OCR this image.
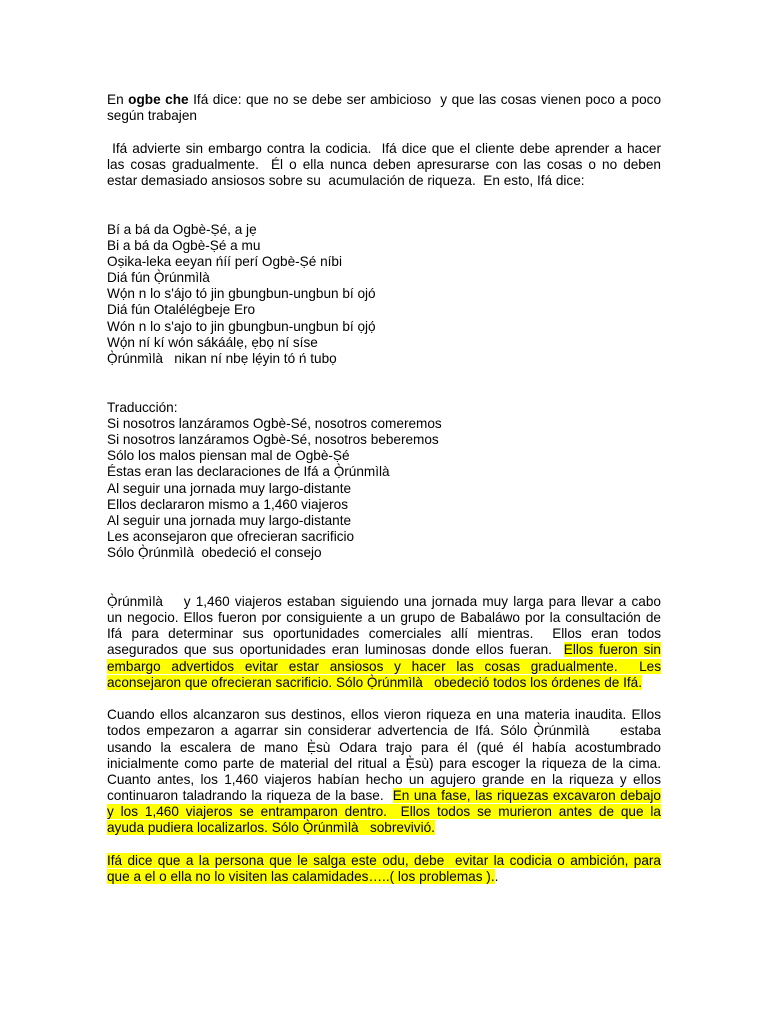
En ogbe che Ifá dice: que no se debe ser ambicioso  y que las cosas vienen poco a poco
según trabajen
Ifá advierte sin embargo contra la codicia.  Ifá dice que el cliente debe aprender a hacer
las cosas gradualmente.  Él o ella nunca deben apresurarse con las cosas o no deben
estar demasiado ansiosos sobre su  acumulación de riqueza.  En esto, Ifá dice:
Bí a bá da Ogbè-Ṣé, a jẹ
Bi a bá da Ogbè-Ṣé a mu
Oṣika-leka eeyan ńíí perí Ogbè-Ṣé níbi
Diá fún Ọ̀rúnmìlà
Wọ́n n lo s'ájo tó jin gbungbun-ungbun bí ojó
Diá fún Otalélégbeje Ero
Wón n lo s'ajo to jin gbungbun-ungbun bí ọjọ́
Wọ́n ní kí wón sákáálẹ, ẹbọ ní síse
Ọ̀rúnmìlà   nikan ní nbẹ lẹ́yin tó ń tubọ
Traducción:
Si nosotros lanzáramos Ogbè-Sé, nosotros comeremos
Si nosotros lanzáramos Ogbè-Sé, nosotros beberemos
Sólo los malos piensan mal de Ogbè-Ṣé
Éstas eran las declaraciones de Ifá a Ọ̀rúnmìlà
Al seguir una jornada muy largo-distante
Ellos declararon mismo a 1,460 viajeros
Al seguir una jornada muy largo-distante
Les aconsejaron que ofrecieran sacrificio
Sólo Ọ̀rúnmìlà  obedeció el consejo
Ọ̀rúnmìlà    y 1,460 viajeros estaban siguiendo una jornada muy larga para llevar a cabo
un negocio. Ellos fueron por consiguiente a un grupo de Babaláwo por la consultación de
Ifá para determinar sus oportunidades comerciales allí mientras.  Ellos eran todos
asegurados que sus oportunidades eran luminosas donde ellos fueran.  Ellos fueron sin
embargo advertidos evitar estar ansiosos y hacer las cosas gradualmente.  Les
aconsejaron que ofrecieran sacrificio. Sólo Ọ̀rúnmìlà   obedeció todos los órdenes de Ifá.
Cuando ellos alcanzaron sus destinos, ellos vieron riqueza en una materia inaudita. Ellos
todos empezaron a agarrar sin considerar advertencia de Ifá. Sólo Ọ̀rúnmìlà     estaba
usando la escalera de mano Ẹ̀sù Odara trajo para él (qué él había acostumbrado
inicialmente como parte de material del ritual a Ẹ̀sù) para escoger la riqueza de la cima.
Cuanto antes, los 1,460 viajeros habían hecho un agujero grande en la riqueza y ellos
continuaron taladrando la riqueza de la base.  En una fase, las riquezas excavaron debajo
y los 1,460 viajeros se entramparon dentro.  Ellos todos se murieron antes de que la
ayuda pudiera localizarlos. Sólo Ọ̀rúnmìlà   sobrevivió.
Ifá dice que a la persona que le salga este odu, debe  evitar la codicia o ambición, para
que a el o ella no lo visiten las calamidades…..( los problemas )..
